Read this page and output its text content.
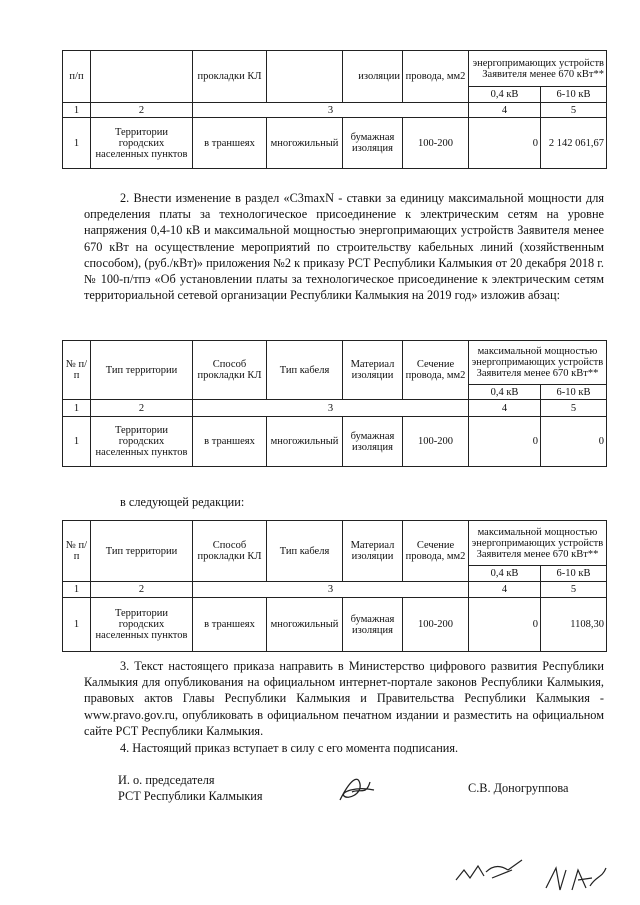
п/п		прокладки КЛ		изоляции	провода, мм2	энергопримающих устройств Заявителя менее 670 кВт**	
						0,4 кВ	6-10 кВ
1	2	3				4	5
1	Территории городских населенных пунктов	в траншеях	многожильный	бумажная изоляция	100-200	0	2 142 061,67

2. Внести изменение в раздел «С3maxN - ставки за единицу максимальной мощности для определения платы за технологическое присоединение к электрическим сетям на уровне напряжения 0,4-10 кВ и максимальной мощностью энергопримающих устройств Заявителя менее 670 кВт на осуществление мероприятий по строительству кабельных линий (хозяйственным способом), (руб./кВт)» приложения №2 к приказу РСТ Республики Калмыкия от 20 декабря 2018 г.№ 100-п/тпэ «Об установлении платы за технологическое присоединение к электрическим сетям территориальной сетевой организации Республики Калмыкия на 2019 год» изложив абзац:

№ п/п	Тип территории	Способ прокладки КЛ	Тип кабеля	Материал изоляции	Сечение провода, мм2	максимальной мощностью энергопримающих устройств Заявителя менее 670 кВт**	
						0,4 кВ	6-10 кВ
1	2	3				4	5
1	Территории городских населенных пунктов	в траншеях	многожильный	бумажная изоляция	100-200	0	0

в следующей редакции:

№ п/п	Тип территории	Способ прокладки КЛ	Тип кабеля	Материал изоляции	Сечение провода, мм2	максимальной мощностью энергопримающих устройств Заявителя менее 670 кВт**	
						0,4 кВ	6-10 кВ
1	2	3				4	5
1	Территории городских населенных пунктов	в траншеях	многожильный	бумажная изоляция	100-200	0	1108,30

3. Текст настоящего приказа направить в Министерство цифрового развития Республики Калмыкия для опубликования на официальном интернет-портале законов Республики Калмыкия, правовых актов Главы Республики Калмыкия и Правительства Республики Калмыкия - www.pravo.gov.ru, опубликовать в официальном печатном издании и разместить на официальном сайте РСТ Республики Калмыкия.

4. Настоящий приказ вступает в силу с его момента подписания.

И. о. председателя
РСТ Республики Калмыкия
С.В. Доногруппова
